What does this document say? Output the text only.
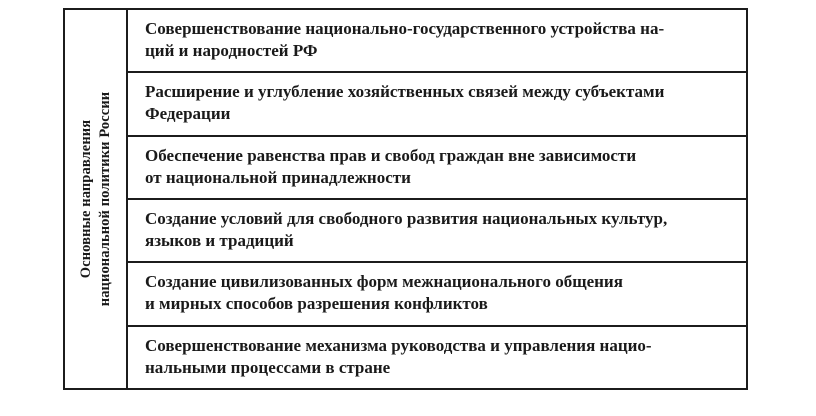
Основные направления национальной политики России
Совершенствование национально-государственного устройства на-
ций и народностей РФ
Расширение и углубление хозяйственных связей между субъектами
Федерации
Обеспечение равенства прав и свобод граждан вне зависимости
от национальной принадлежности
Создание условий для свободного развития национальных культур,
языков и традиций
Создание цивилизованных форм межнационального общения
и мирных способов разрешения конфликтов
Совершенствование механизма руководства и управления нацио-
нальными процессами в стране
